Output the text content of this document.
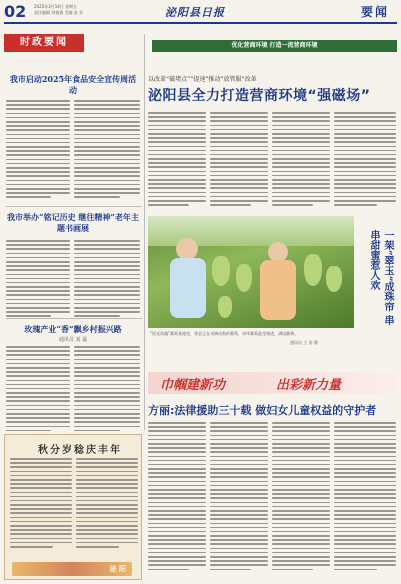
02 2025年3月14日 星期五
责任编辑 刘倩倩 美编 张 芳	泌阳县日报	要闻
时政要闻	优化营商环境 打造一流营商环境
我市启动2025年食品安全宣传周活动
我市举办“铭记历史 继往精神”老年主题书画展
玫瑰产业“香”飘乡村振兴路
通讯员 刘 磊
以改革“破堵点”“提速”推动“放管服”改革
泌阳县全力打造营商环境“强磁场”
一架“翠玉”成珠帘 串串甜蜜惹人欢
“阳光玫瑰”葡萄基地里，果农正在采摘成熟的葡萄，串串葡萄晶莹剔透，满园飘香。
通讯员 王 涛 摄
巾帼建新功	出彩新力量
方丽:法律援助三十载 做妇女儿童权益的守护者
秋分岁稔庆丰年
泌 阳
